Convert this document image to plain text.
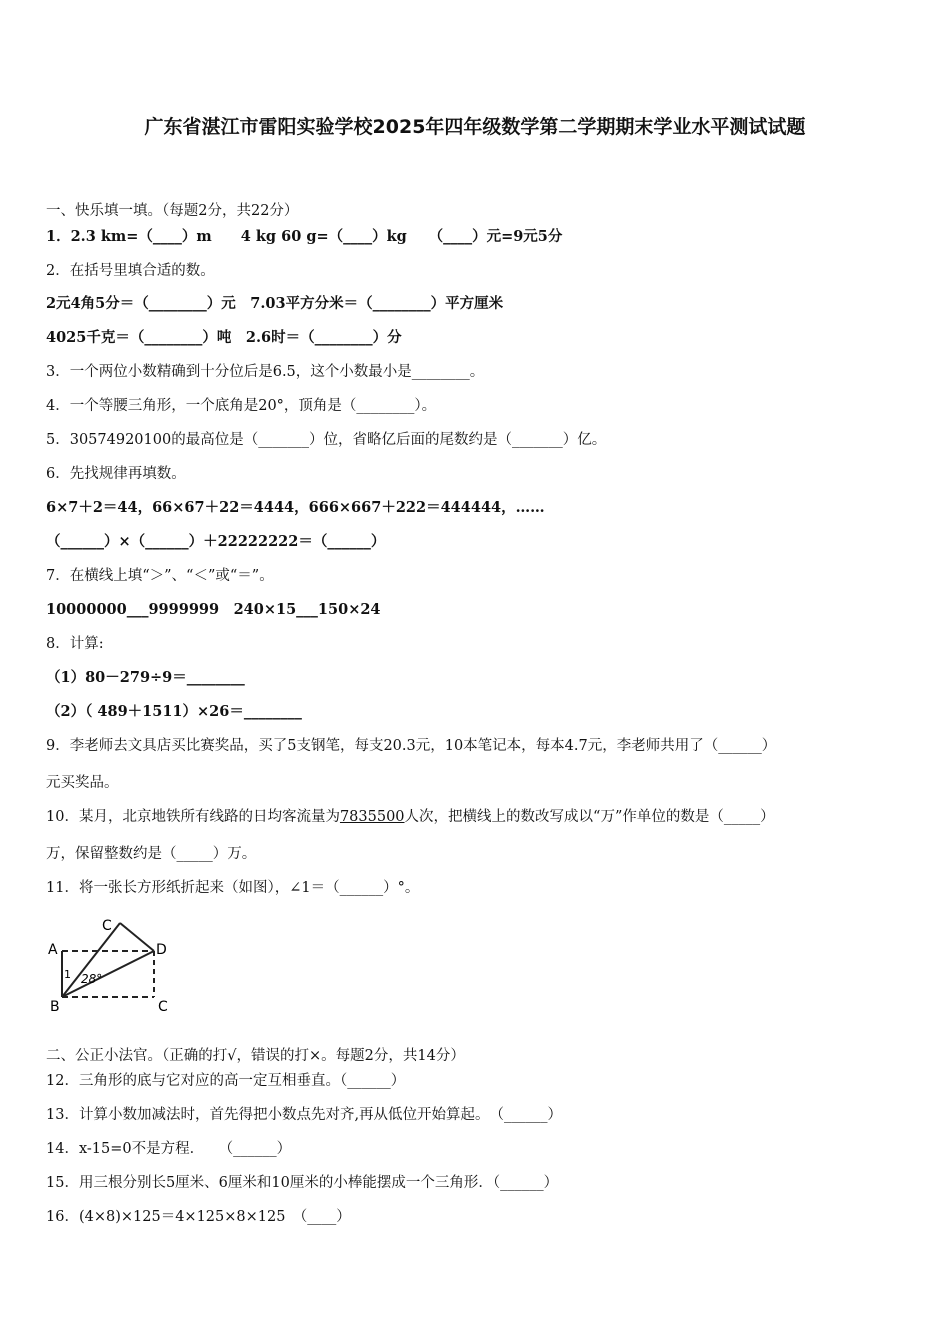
广东省湛江市雷阳实验学校2025年四年级数学第二学期期末学业水平测试试题
一、快乐填一填。（每题2分，共22分）
1．2.3 km=（____）m　　4 kg 60 g=（____）kg　　（____）元=9元5分
2．在括号里填合适的数。
2元4角5分＝（________）元　7.03平方分米＝（________）平方厘米
4025千克＝（________）吨　2.6时＝（________）分
3．一个两位小数精确到十分位后是6.5，这个小数最小是________。
4．一个等腰三角形，一个底角是20°，顶角是（________）。
5．30574920100的最高位是（_______）位，省略亿后面的尾数约是（_______）亿。
6．先找规律再填数。
6×7＋2＝44，66×67＋22＝4444，666×667＋222＝444444，……
（______）×（______）＋22222222＝（______）
7．在横线上填“＞”、“＜”或“＝”。
10000000___9999999　240×15___150×24
8．计算:
（1）80－279÷9＝________
（2）（ 489＋1511）×26＝________
9．李老师去文具店买比赛奖品，买了5支钢笔，每支20.3元，10本笔记本，每本4.7元，李老师共用了（______）
元买奖品。
10．某月，北京地铁所有线路的日均客流量为7835500人次，把横线上的数改写成以“万”作单位的数是（_____）
万，保留整数约是（_____）万。
11．将一张长方形纸折起来（如图），∠1＝（______）°。
A
B
C
C
D
1 28°
二、公正小法官。（正确的打√，错误的打×。每题2分，共14分）
12．三角形的底与它对应的高一定互相垂直。（______）
13．计算小数加减法时，首先得把小数点先对齐,再从低位开始算起。　（______）
14．x-15=0不是方程．　　（______）
15．用三根分别长5厘米、6厘米和10厘米的小棒能摆成一个三角形．（______）
16．(4×8)×125＝4×125×8×125　（____）
